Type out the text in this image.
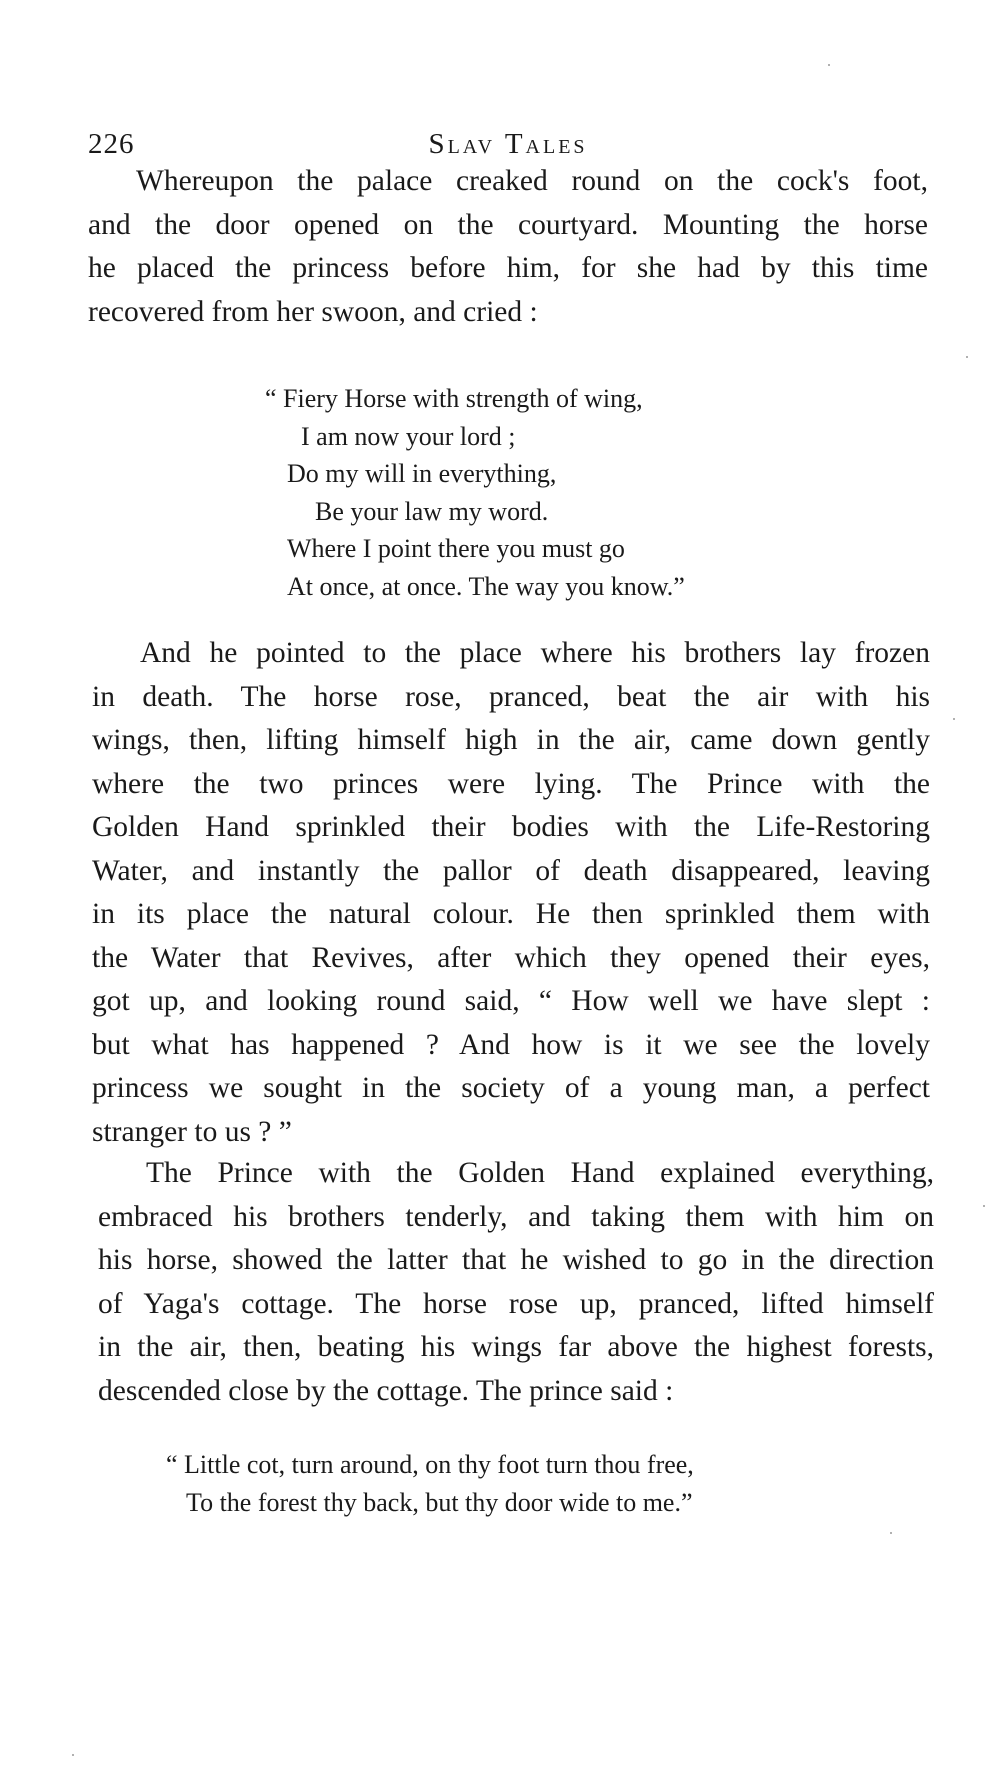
226	Slav Tales
Whereupon the palace creaked round on the cock's foot,
and the door opened on the courtyard. Mounting the horse
he placed the princess before him, for she had by this time
recovered from her swoon, and cried :
“ Fiery Horse with strength of wing,
I am now your lord ;
Do my will in everything,
Be your law my word.
Where I point there you must go
At once, at once. The way you know.”
And he pointed to the place where his brothers lay frozen
in death. The horse rose, pranced, beat the air with his
wings, then, lifting himself high in the air, came down gently
where the two princes were lying. The Prince with the
Golden Hand sprinkled their bodies with the Life-Restoring
Water, and instantly the pallor of death disappeared, leaving
in its place the natural colour. He then sprinkled them with
the Water that Revives, after which they opened their eyes,
got up, and looking round said, “ How well we have slept :
but what has happened ? And how is it we see the lovely
princess we sought in the society of a young man, a perfect
stranger to us ? ”
The Prince with the Golden Hand explained everything,
embraced his brothers tenderly, and taking them with him on
his horse, showed the latter that he wished to go in the direction
of Yaga's cottage. The horse rose up, pranced, lifted himself
in the air, then, beating his wings far above the highest forests,
descended close by the cottage. The prince said :
“ Little cot, turn around, on thy foot turn thou free,
To the forest thy back, but thy door wide to me.”
